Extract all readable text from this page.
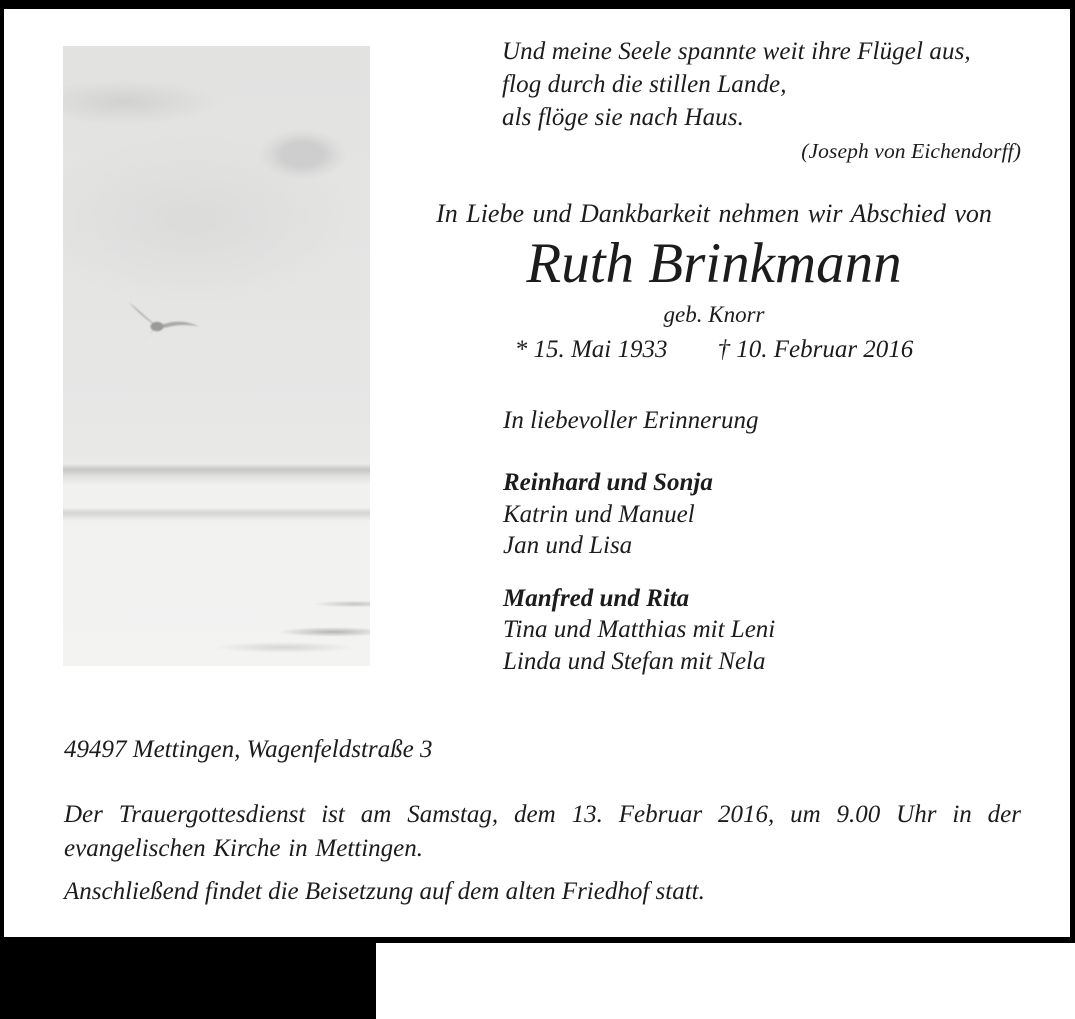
Und meine Seele spannte weit ihre Flügel aus,
flog durch die stillen Lande,
als flöge sie nach Haus.
(Joseph von Eichendorff)
In Liebe und Dankbarkeit nehmen wir Abschied von
Ruth Brinkmann
geb. Knorr
* 15. Mai 1933 † 10. Februar 2016
In liebevoller Erinnerung
Reinhard und Sonja
Katrin und Manuel
Jan und Lisa
Manfred und Rita
Tina und Matthias mit Leni
Linda und Stefan mit Nela
49497 Mettingen, Wagenfeldstraße 3
Der Trauergottesdienst ist am Samstag, dem 13. Februar 2016, um 9.00 Uhr in der evangelischen Kirche in Mettingen.
Anschließend findet die Beisetzung auf dem alten Friedhof statt.
